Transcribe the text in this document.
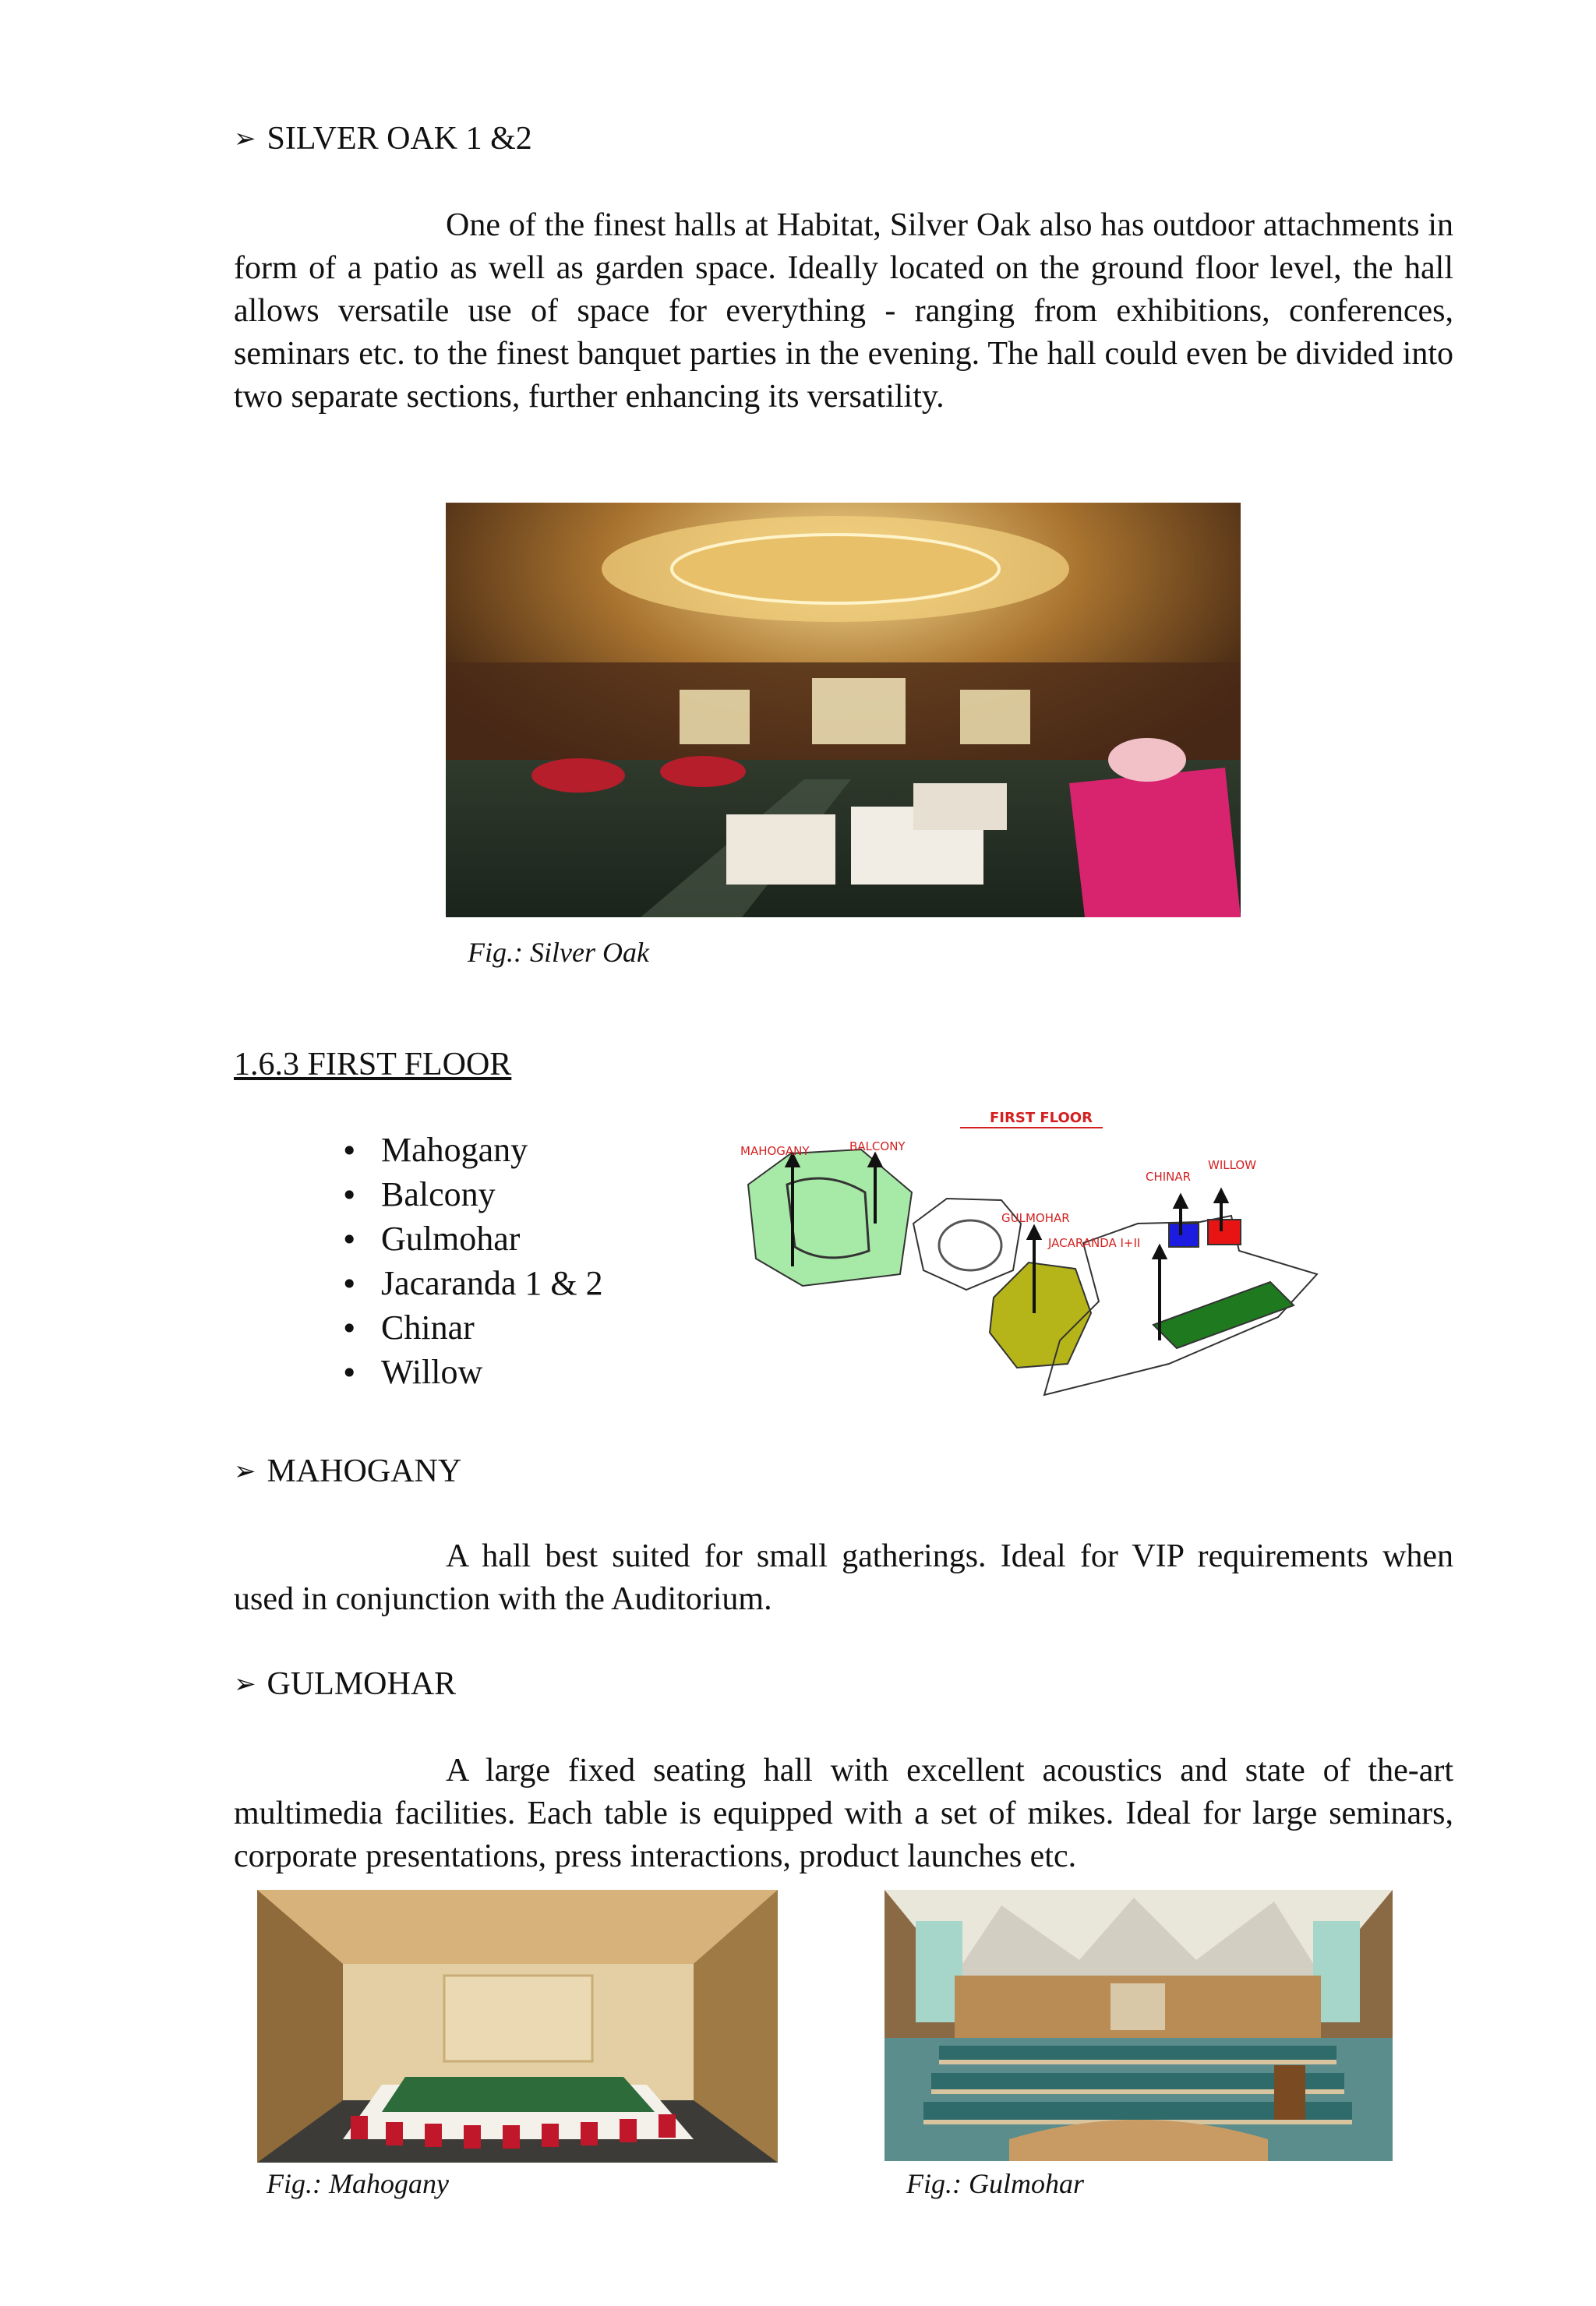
➢ SILVER OAK 1 &2
One of the finest halls at Habitat, Silver Oak also has outdoor attachments in form of a patio as well as garden space. Ideally located on the ground floor level, the hall allows versatile use of space for everything - ranging from exhibitions, conferences, seminars etc. to the finest banquet parties in the evening. The hall could even be divided into two separate sections, further enhancing its versatility.
Fig.: Silver Oak
1.6.3 FIRST FLOOR
• Mahogany
• Balcony
• Gulmohar
• Jacaranda 1 & 2
• Chinar
• Willow
FIRST FLOOR
MAHOGANY	BALCONY
GULMOHAR
JACARANDA I+II
CHINAR
WILLOW
➢ MAHOGANY
A hall best suited for small gatherings. Ideal for VIP requirements when used in conjunction with the Auditorium.
➢ GULMOHAR
A large fixed seating hall with excellent acoustics and state of the-art multimedia facilities. Each table is equipped with a set of mikes. Ideal for large seminars, corporate presentations, press interactions, product launches etc.
Fig.: Mahogany	Fig.: Gulmohar
